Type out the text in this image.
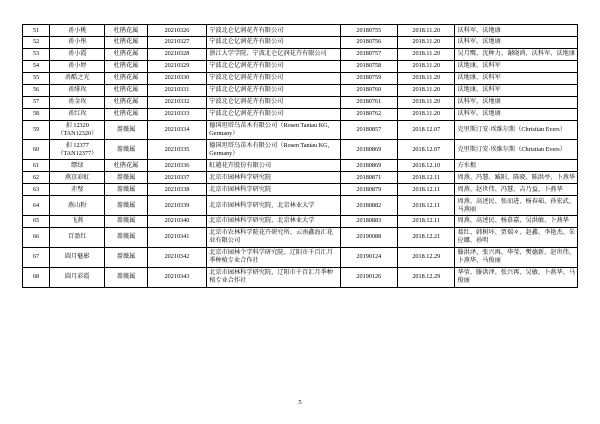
51	甬小桃	杜鹃花属	20210326	宁波北仑亿润花卉有限公司	20180755	2018.11.20	沃科军、沃地康
52	甬小彤	杜鹃花属	20210327	宁波北仑亿润花卉有限公司	20180756	2018.11.20	沃科军、沃地康
53	甬小霞	杜鹃花属	20210328	浙江大学学院、宁波北仑亿润花卉有限公司	20180757	2018.11.20	吴月鹰、沈种力、谢晓鸿、沃科军、沃地康
54	甬小婷	杜鹃花属	20210329	宁波北仑亿润花卉有限公司	20180758	2018.11.20	沃地康、沃科军
55	甬酷之光	杜鹃花属	20210330	宁波北仑亿润花卉有限公司	20180759	2018.11.20	沃地康、沃科军
56	甬绯玫	杜鹃花属	20210331	宁波北仑亿润花卉有限公司	20180760	2018.11.20	沃地康、沃科军
57	甬金玫	杜鹃花属	20210332	宁波北仑亿润花卉有限公司	20180761	2018.11.20	沃科军、沃地康
58	甬红玫	杜鹃花属	20210333	宁波北仑亿润花卉有限公司	20180762	2018.11.20	沃科军、沃地康
59	扣 12320（TAN12320）	蔷薇属	20210334	德国坦塔乌苗木有限公司（Rosen Tantau KG, Germany）	20180857	2018.12.07	克里斯汀安·埃维尔斯（Christian Evers）
60	扣 12377（TAN12377）	蔷薇属	20210335	德国坦塔乌苗木有限公司（Rosen Tantau KG, Germany）	20180869	2018.12.07	克里斯汀安·埃维尔斯（Christian Evers）
61	缥绿	杜鹃花属	20210336	虹越花卉股份有限公司	20180869	2018.12.10	方水根
62	燕京彩虹	蔷薇属	20210337	北京市园林科学研究院	20180871	2018.12.11	周燕、冯慧、臧阳、陈晓、陈洪亭、卜燕华
63	赤璧	蔷薇属	20210338	北京市园林科学研究院	20180879	2018.12.11	周燕、赵世伟、冯慧、吉乃益、卜燕华
64	燕山粉	蔷薇属	20210339	北京市园林科学研究院、北京林业大学	20180882	2018.12.11	周燕、高述民、张而进、杨春茹、孙宏武、马燕丽
65	飞燕	蔷薇属	20210340	北京市园林科学研究院、北京林业大学	20180883	2018.12.11	周燕、高述民、杨慕嘉、吴洪敏、卜燕华
66	百盈红	蔷薇属	20210341	北京市农林科学院花卉研究所、云南鑫海汇花业有限公司	20190088	2018.12.21	葛红、韩树坏、贾瑞々、赵鑫、李艳杰、朱应娜、孙明
67	圆月魅影	蔷薇属	20210342	北京市园林个学科学研究院、辽阳市千百汇月季种植专业合作社	20190124	2018.12.29	滕洪泽、张兴再、华莹、樊德新、赵世伟、卜燕华、马俊丽
68	圆月彩霞	蔷薇属	20210343	北京市园林科学研究院、辽阳市千百汇月季种植专业合作社	20190126	2018.12.29	华莹、滕洪泽、张兴再、吴敏、卜燕华、马俊丽
5
